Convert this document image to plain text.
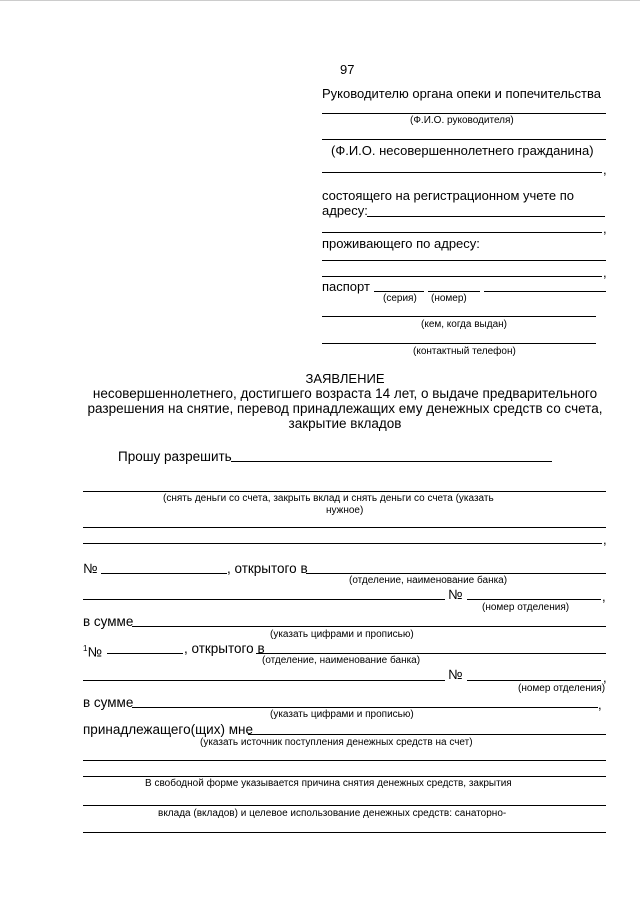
97
Руководителю органа опеки и попечительства
(Ф.И.О. руководителя)
(Ф.И.О. несовершеннолетнего гражданина)
,
состоящего на регистрационном учете по
адресу:
,
проживающего по адресу:
,
паспорт
(серия) (номер)
(кем, когда выдан)
(контактный телефон)
ЗАЯВЛЕНИЕ
несовершеннолетнего, достигшего возраста 14 лет, о выдаче предварительного
разрешения на снятие, перевод принадлежащих ему денежных средств со счета,
закрытие вкладов
Прошу разрешить
(снять деньги со счета, закрыть вклад и снять деньги со счета (указать
нужное)
,
№	, открытого в
(отделение, наименование банка)
№	,
(номер отделения)
в сумме
(указать цифрами и прописью)
$^1$№	, открытого в
(отделение, наименование банка)
№	,
(номер отделения)
в сумме	,
(указать цифрами и прописью)
принадлежащего(щих) мне
(указать источник поступления денежных средств на счет)
В свободной форме указывается причина снятия денежных средств, закрытия
вклада (вкладов) и целевое использование денежных средств: санаторно-
